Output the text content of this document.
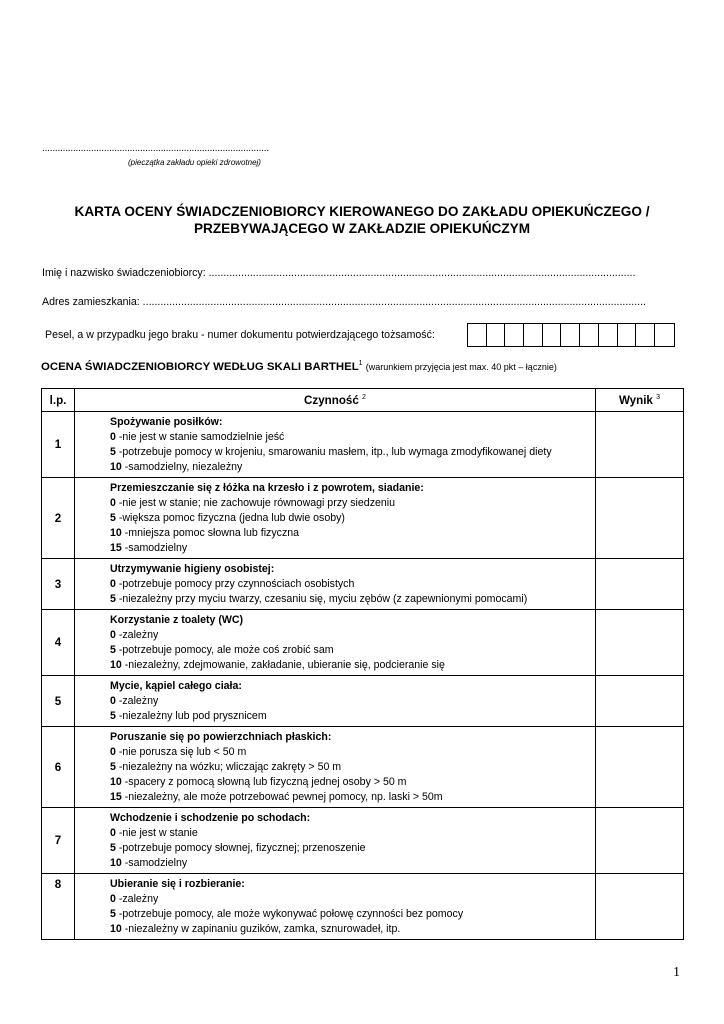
........................................................................................
(pieczątka zakładu opieki zdrowotnej)
KARTA OCENY ŚWIADCZENIOBIORCY KIEROWANEGO DO ZAKŁADU OPIEKUŃCZEGO /
PRZEBYWAJĄCEGO W ZAKŁADZIE OPIEKUŃCZYM
Imię i nazwisko świadczeniobiorcy: .................................................................................................................................................
Adres zamieszkania: ...........................................................................................................................................................................
Pesel, a w przypadku jego braku - numer dokumentu potwierdzającego tożsamość:
OCENA ŚWIADCZENIOBIORCY WEDŁUG SKALI BARTHEL$^1$ (warunkiem przyjęcia jest max. 40 pkt – łącznie)
l.p.	Czynność $^2$	Wynik $^3$
1	Spożywanie posiłków:
0 -nie jest w stanie samodzielnie jeść
5 -potrzebuje pomocy w krojeniu, smarowaniu masłem, itp., lub wymaga zmodyfikowanej diety
10 -samodzielny, niezależny	

2	Przemieszczanie się z łóżka na krzesło i z powrotem, siadanie:
0 -nie jest w stanie; nie zachowuje równowagi przy siedzeniu
5 -większa pomoc fizyczna (jedna lub dwie osoby)
10 -mniejsza pomoc słowna lub fizyczna
15 -samodzielny	

3	Utrzymywanie higieny osobistej:
0 -potrzebuje pomocy przy czynnościach osobistych
5 -niezależny przy myciu twarzy, czesaniu się, myciu zębów (z zapewnionymi pomocami)	

4	Korzystanie z toalety (WC)
0 -zależny
5 -potrzebuje pomocy, ale może coś zrobić sam
10 -niezależny, zdejmowanie, zakładanie, ubieranie się, podcieranie się	

5	Mycie, kąpiel całego ciała:
0 -zależny
5 -niezależny lub pod prysznicem	

6	Poruszanie się po powierzchniach płaskich:
0 -nie porusza się lub < 50 m
5 -niezależny na wózku; wliczając zakręty > 50 m
10 -spacery z pomocą słowną lub fizyczną jednej osoby > 50 m
15 -niezależny, ale może potrzebować pewnej pomocy, np. laski > 50m	

7	Wchodzenie i schodzenie po schodach:
0 -nie jest w stanie
5 -potrzebuje pomocy słownej, fizycznej; przenoszenie
10 -samodzielny	

8	Ubieranie się i rozbieranie:
0 -zależny
5 -potrzebuje pomocy, ale może wykonywać połowę czynności bez pomocy
10 -niezależny w zapinaniu guzików, zamka, sznurowadeł, itp.	

1
